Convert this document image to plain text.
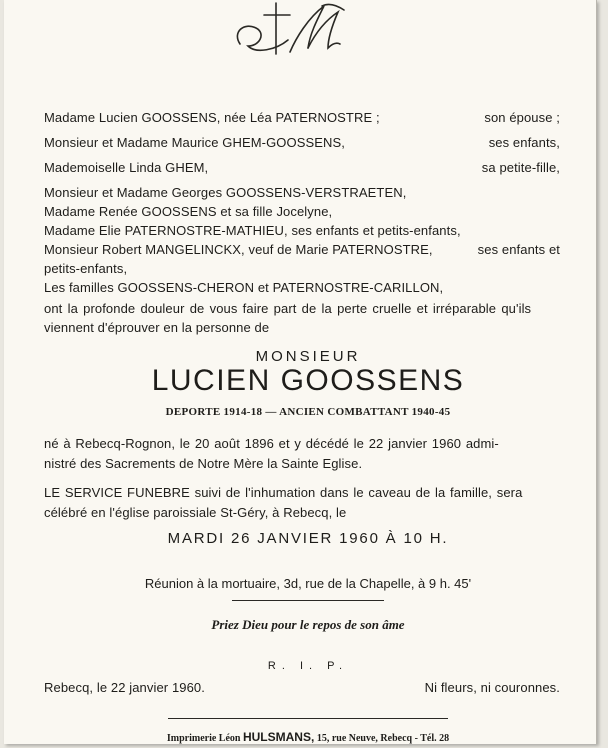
Madame Lucien GOOSSENS, née Léa PATERNOSTRE ;	son épouse ;
Monsieur et Madame Maurice GHEM-GOOSSENS,	ses enfants,
Mademoiselle Linda GHEM,	sa petite-fille,
Monsieur et Madame Georges GOOSSENS-VERSTRAETEN,
Madame Renée GOOSSENS et sa fille Jocelyne,
Madame Elie PATERNOSTRE-MATHIEU, ses enfants et petits-enfants,
Monsieur Robert MANGELINCKX, veuf de Marie PATERNOSTRE,	ses enfants et
petits-enfants,
Les familles GOOSSENS-CHERON et PATERNOSTRE-CARILLON,
ont la profonde douleur de vous faire part de la perte cruelle et irréparable qu'ils
viennent d'éprouver en la personne de
MONSIEUR
LUCIEN GOOSSENS
DEPORTE 1914-18 — ANCIEN COMBATTANT 1940-45
né à Rebecq-Rognon, le 20 août 1896 et y décédé le 22 janvier 1960 admi-
nistré des Sacrements de Notre Mère la Sainte Eglise.
LE SERVICE FUNEBRE suivi de l'inhumation dans le caveau de la famille, sera
célébré en l'église paroissiale St-Géry, à Rebecq, le
MARDI 26 JANVIER 1960 À 10 H.
Réunion à la mortuaire, 3d, rue de la Chapelle, à 9 h. 45'
Priez Dieu pour le repos de son âme
R. I. P.
Rebecq, le 22 janvier 1960.	Ni fleurs, ni couronnes.
Imprimerie Léon HULSMANS, 15, rue Neuve, Rebecq - Tél. 28
